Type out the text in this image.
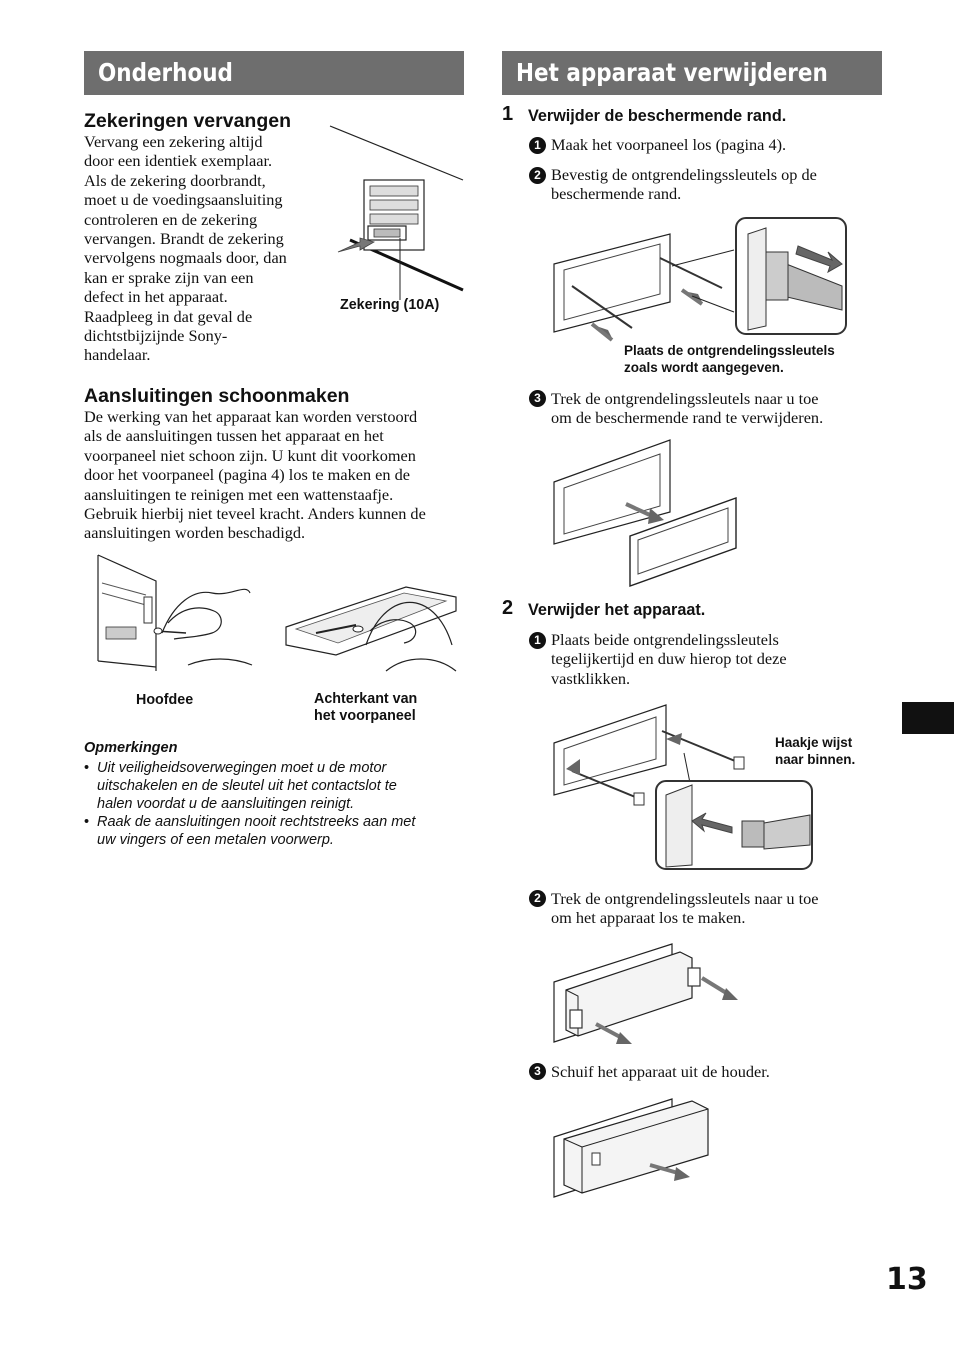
Onderhoud
Zekeringen vervangen
Vervang een zekering altijd
door een identiek exemplaar.
Als de zekering doorbrandt,
moet u de voedingsaansluiting
controleren en de zekering
vervangen. Brandt de zekering
vervolgens nogmaals door, dan
kan er sprake zijn van een
defect in het apparaat.
Raadpleeg in dat geval de
dichtstbijzijnde Sony-
handelaar.
Zekering (10A)
Aansluitingen schoonmaken
De werking van het apparaat kan worden verstoord
als de aansluitingen tussen het apparaat en het
voorpaneel niet schoon zijn. U kunt dit voorkomen
door het voorpaneel (pagina 4) los te maken en de
aansluitingen te reinigen met een wattenstaafje.
Gebruik hierbij niet teveel kracht. Anders kunnen de
aansluitingen worden beschadigd.
Hoofdee	Achterkant van
het voorpaneel
Opmerkingen
• Uit veiligheidsoverwegingen moet u de motor
uitschakelen en de sleutel uit het contactslot te
halen voordat u de aansluitingen reinigt.
• Raak de aansluitingen nooit rechtstreeks aan met
uw vingers of een metalen voorwerp.
Het apparaat verwijderen
1 Verwijder de beschermende rand.
1 Maak het voorpaneel los (pagina 4).
2 Bevestig de ontgrendelingssleutels op de
beschermende rand.
Plaats de ontgrendelingssleutels
zoals wordt aangegeven.
3 Trek de ontgrendelingssleutels naar u toe
om de beschermende rand te verwijderen.
2 Verwijder het apparaat.
1 Plaats beide ontgrendelingssleutels
tegelijkertijd en duw hierop tot deze
vastklikken.
Haakje wijst
naar binnen.
2 Trek de ontgrendelingssleutels naar u toe
om het apparaat los te maken.
3 Schuif het apparaat uit de houder.
13
